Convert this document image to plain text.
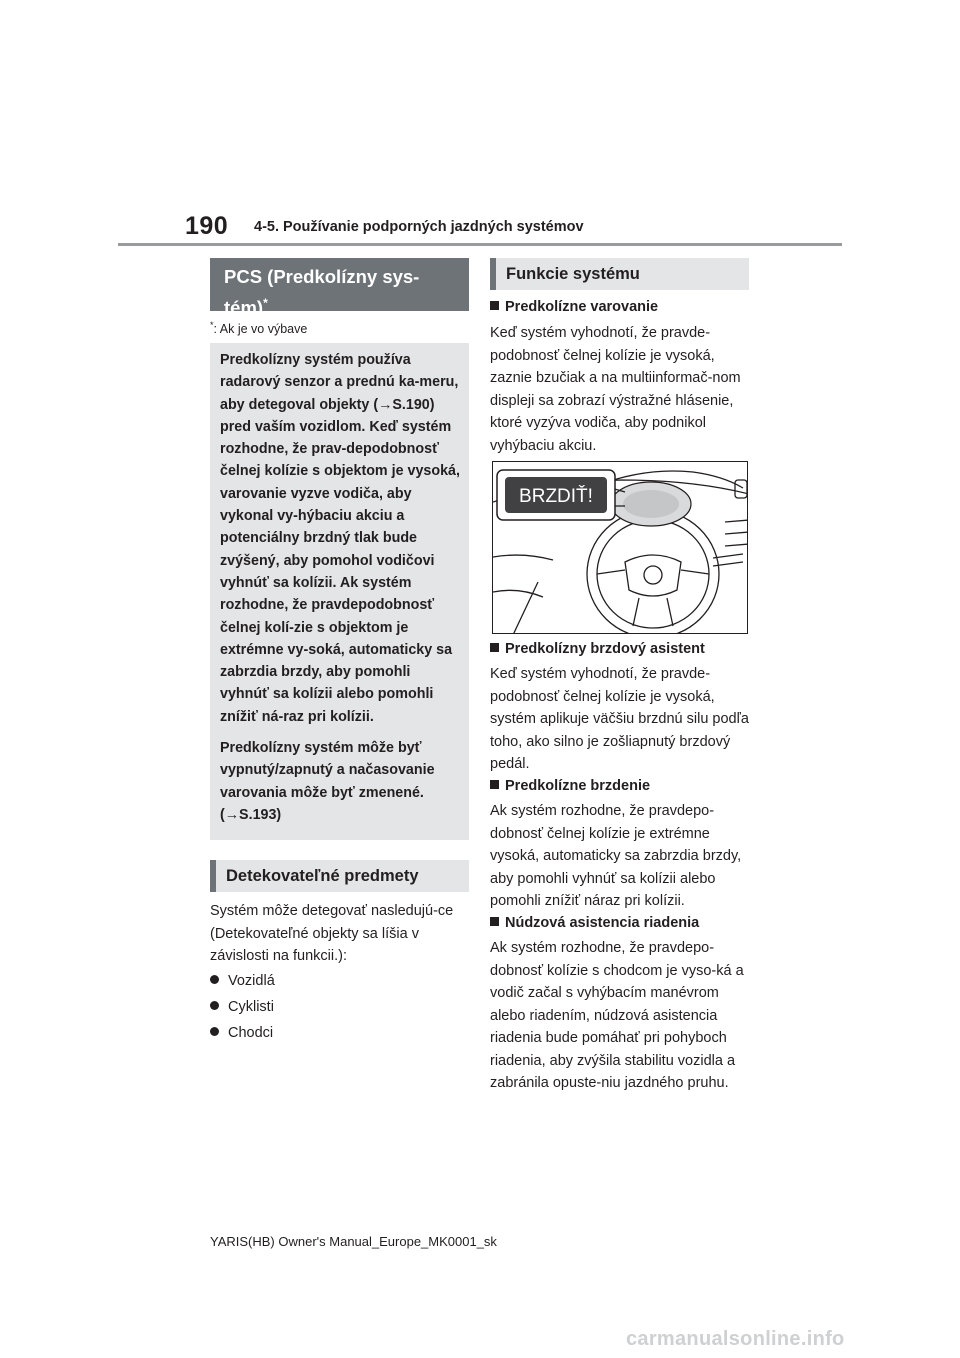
190 4-5. Používanie podporných jazdných systémov
PCS (Predkolízny sys-
tém)*
*: Ak je vo výbave

Predkolízny systém používa radarový senzor a prednú ka-meru, aby detegoval objekty (→S.190) pred vaším vozidlom. Keď systém rozhodne, že prav-depodobnosť čelnej kolízie s objektom je vysoká, varovanie vyzve vodiča, aby vykonal vy-hýbaciu akciu a potenciálny brzdný tlak bude zvýšený, aby pomohol vodičovi vyhnúť sa kolízii. Ak systém rozhodne, že pravdepodobnosť čelnej kolí-zie s objektom je extrémne vy-soká, automaticky sa zabrzdia brzdy, aby pomohli vyhnúť sa kolízii alebo pomohli znížiť ná-raz pri kolízii.

Predkolízny systém môže byť vypnutý/zapnutý a načasovanie varovania môže byť zmenené. (→S.193)

Detekovateľné predmety

Systém môže detegovať nasledujú-ce (Detekovateľné objekty sa líšia v závislosti na funkcii.):

Vozidlá
Cyklisti
Chodci
Funkcie systému
Predkolízne varovanie

Keď systém vyhodnotí, že pravde-podobnosť čelnej kolízie je vysoká, zaznie bzučiak a na multiinformač-nom displeji sa zobrazí výstražné hlásenie, ktoré vyzýva vodiča, aby podnikol vyhýbaciu akciu.

BRZDIŤ!
Predkolízny brzdový asistent

Keď systém vyhodnotí, že pravde-podobnosť čelnej kolízie je vysoká, systém aplikuje väčšiu brzdnú silu podľa toho, ako silno je zošliapnutý brzdový pedál.

Predkolízne brzdenie

Ak systém rozhodne, že pravdepo-dobnosť čelnej kolízie je extrémne vysoká, automaticky sa zabrzdia brzdy, aby pomohli vyhnúť sa kolízii alebo pomohli znížiť náraz pri kolízii.

Núdzová asistencia riadenia

Ak systém rozhodne, že pravdepo-dobnosť kolízie s chodcom je vyso-ká a vodič začal s vyhýbacím manévrom alebo riadením, núdzová asistencia riadenia bude pomáhať pri pohyboch riadenia, aby zvýšila stabilitu vozidla a zabránila opuste-niu jazdného pruhu.

YARIS(HB) Owner's Manual_Europe_MK0001_sk
carmanualsonline.info
